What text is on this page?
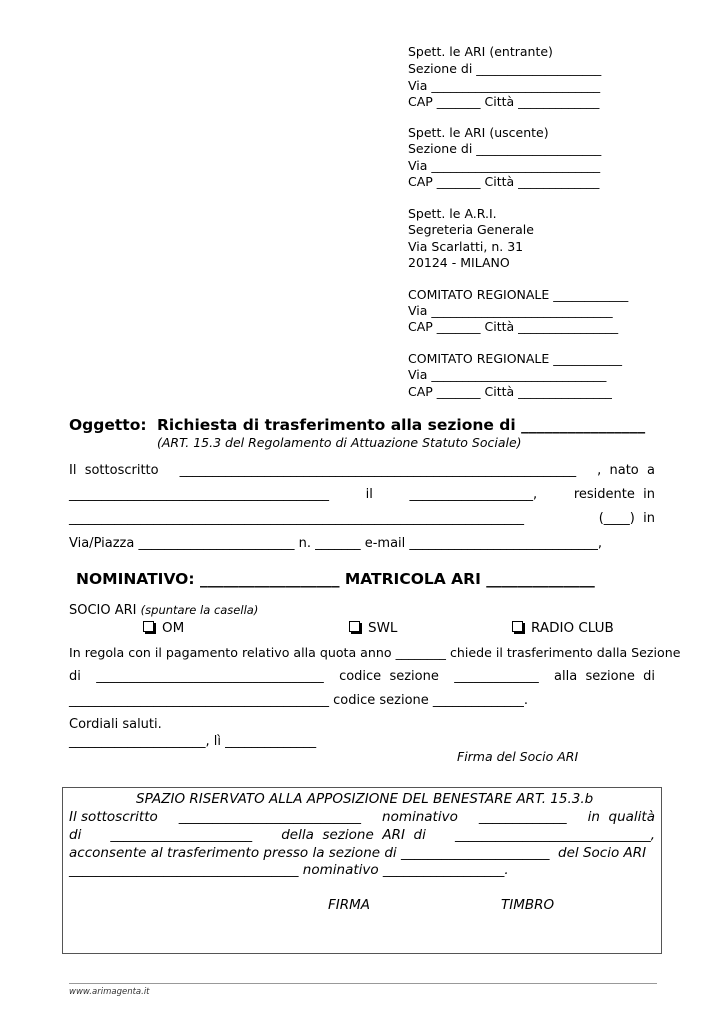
Spett. le ARI (entrante)
Sezione di ____________________
Via ___________________________
CAP _______ Città _____________
Spett. le ARI (uscente)
Sezione di ____________________
Via ___________________________
CAP _______ Città _____________
Spett. le A.R.I.
Segreteria Generale
Via Scarlatti, n. 31
20124 - MILANO
COMITATO REGIONALE ____________
Via _____________________________
CAP _______ Città ________________
COMITATO REGIONALE ___________
Via ____________________________
CAP _______ Città _______________
Oggetto: Richiesta di trasferimento alla sezione di ________________
(ART. 15.3 del Regolamento di Attuazione Statuto Sociale)
Il  sottoscritto _____________________________________________________________ ,  nato  a
________________________________________	il	___________________,	residente  in
______________________________________________________________________	(____)  in
Via/Piazza ________________________ n. _______ e-mail _____________________________,
NOMINATIVO: __________________ MATRICOLA ARI ______________
SOCIO ARI (spuntare la casella)
OM	SWL	RADIO CLUB
In regola con il pagamento relativo alla quota anno ________ chiede il trasferimento dalla Sezione
di ___________________________________ codice  sezione _____________ alla  sezione  di
________________________________________ codice sezione ______________.
Cordiali saluti.
_____________________, lì ______________
Firma del Socio ARI
SPAZIO RISERVATO ALLA APPOSIZIONE DEL BENESTARE ART. 15.3.b
Il sottoscritto ___________________________ nominativo _____________ in  qualità
di _____________________ della  sezione  ARI  di _____________________________,
acconsente al trasferimento presso la sezione di ______________________  del Socio ARI
__________________________________ nominativo __________________.
FIRMA	TIMBRO
www.arimagenta.it
